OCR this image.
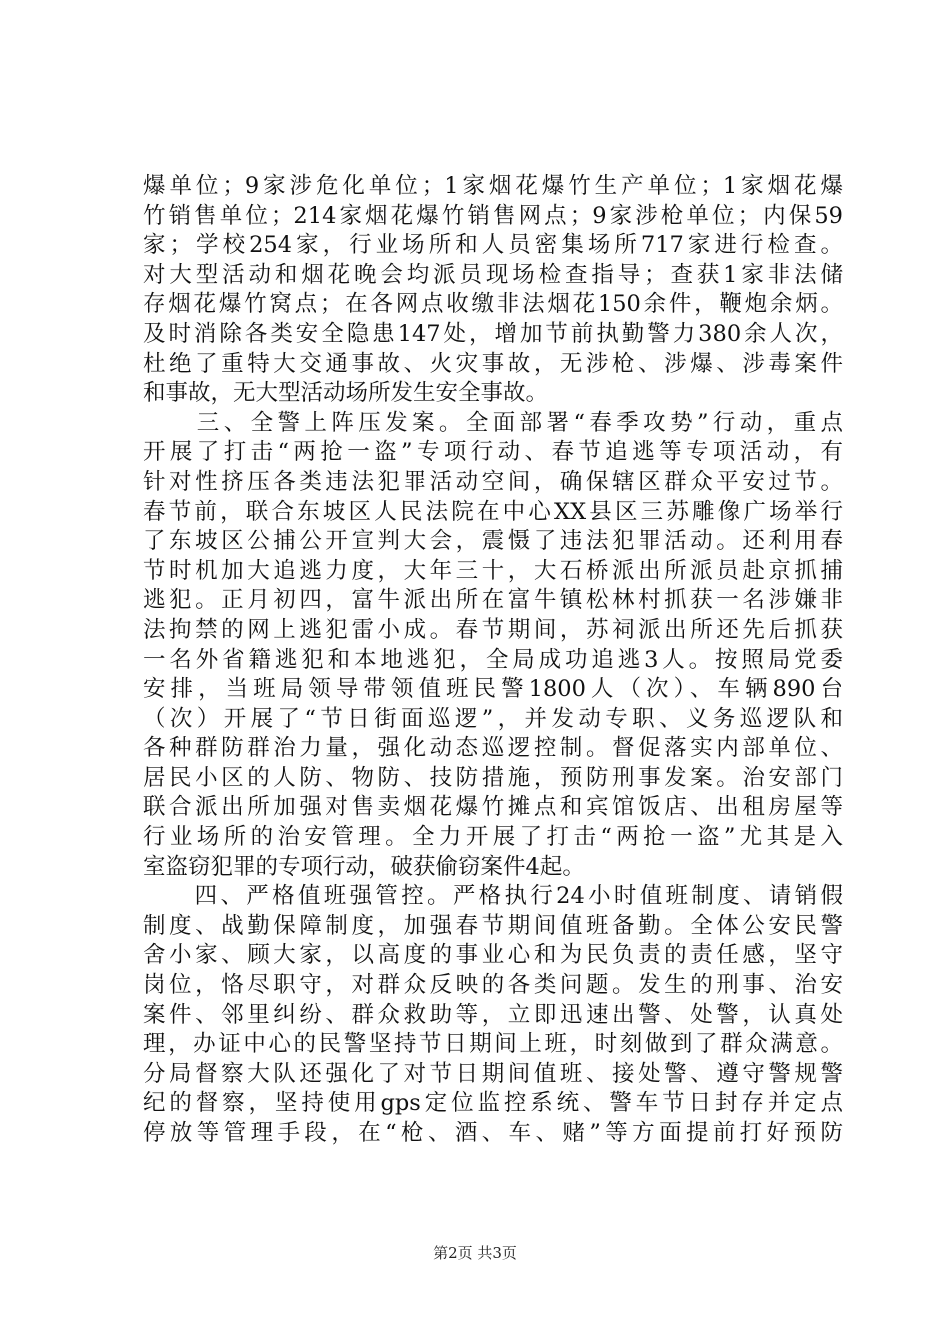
爆单位；9家涉危化单位；1家烟花爆竹生产单位；1家烟花爆
竹销售单位；214家烟花爆竹销售网点；9家涉枪单位；内保59
家；学校254家，行业场所和人员密集场所717家进行检查。
对大型活动和烟花晚会均派员现场检查指导；查获1家非法储
存烟花爆竹窝点；在各网点收缴非法烟花150余件，鞭炮余炳。
及时消除各类安全隐患147处，增加节前执勤警力380余人次，
杜绝了重特大交通事故、火灾事故，无涉枪、涉爆、涉毒案件
和事故，无大型活动场所发生安全事故。
　　三、全警上阵压发案。全面部署“春季攻势”行动，重点
开展了打击“两抢一盗”专项行动、春节追逃等专项活动，有
针对性挤压各类违法犯罪活动空间，确保辖区群众平安过节。
春节前，联合东坡区人民法院在中心XX县区三苏雕像广场举行
了东坡区公捕公开宣判大会，震慑了违法犯罪活动。还利用春
节时机加大追逃力度，大年三十，大石桥派出所派员赴京抓捕
逃犯。正月初四，富牛派出所在富牛镇松林村抓获一名涉嫌非
法拘禁的网上逃犯雷小成。春节期间，苏祠派出所还先后抓获
一名外省籍逃犯和本地逃犯，全局成功追逃3人。按照局党委
安排，当班局领导带领值班民警1800人（次）、车辆890台
（次）开展了“节日街面巡逻”，并发动专职、义务巡逻队和
各种群防群治力量，强化动态巡逻控制。督促落实内部单位、
居民小区的人防、物防、技防措施，预防刑事发案。治安部门
联合派出所加强对售卖烟花爆竹摊点和宾馆饭店、出租房屋等
行业场所的治安管理。全力开展了打击“两抢一盗”尤其是入
室盗窃犯罪的专项行动，破获偷窃案件4起。
　　四、严格值班强管控。严格执行24小时值班制度、请销假
制度、战勤保障制度，加强春节期间值班备勤。全体公安民警
舍小家、顾大家，以高度的事业心和为民负责的责任感，坚守
岗位，恪尽职守，对群众反映的各类问题。发生的刑事、治安
案件、邻里纠纷、群众救助等，立即迅速出警、处警，认真处
理，办证中心的民警坚持节日期间上班，时刻做到了群众满意。
分局督察大队还强化了对节日期间值班、接处警、遵守警规警
纪的督察，坚持使用gps定位监控系统、警车节日封存并定点
停放等管理手段，在“枪、酒、车、赌”等方面提前打好预防
第2页 共3页
